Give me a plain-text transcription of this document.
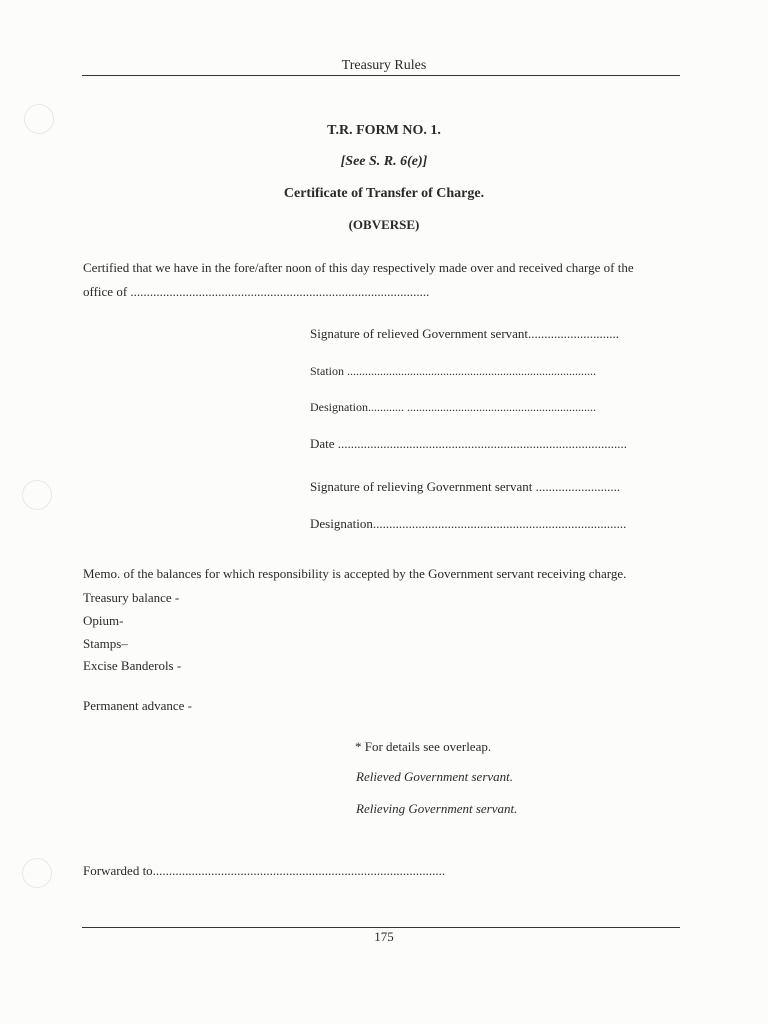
Treasury Rules
T.R. FORM NO. 1.
[See S. R. 6(e)]
Certificate of Transfer of Charge.
(OBVERSE)
Certified that we have in the fore/after noon of this day respectively made over and received charge of the
office of ............................................................................................
Signature of relieved Government servant............................
Station ...................................................................................
Designation............ ...............................................................
Date .........................................................................................
Signature of relieving Government servant ..........................
Designation..............................................................................
Memo. of the balances for which responsibility is accepted by the Government servant receiving charge.
Treasury balance -
Opium-
Stamps–
Excise Banderols -
Permanent advance -
* For details see overleap.
Relieved Government servant.
Relieving Government servant.
Forwarded to..........................................................................................
175
